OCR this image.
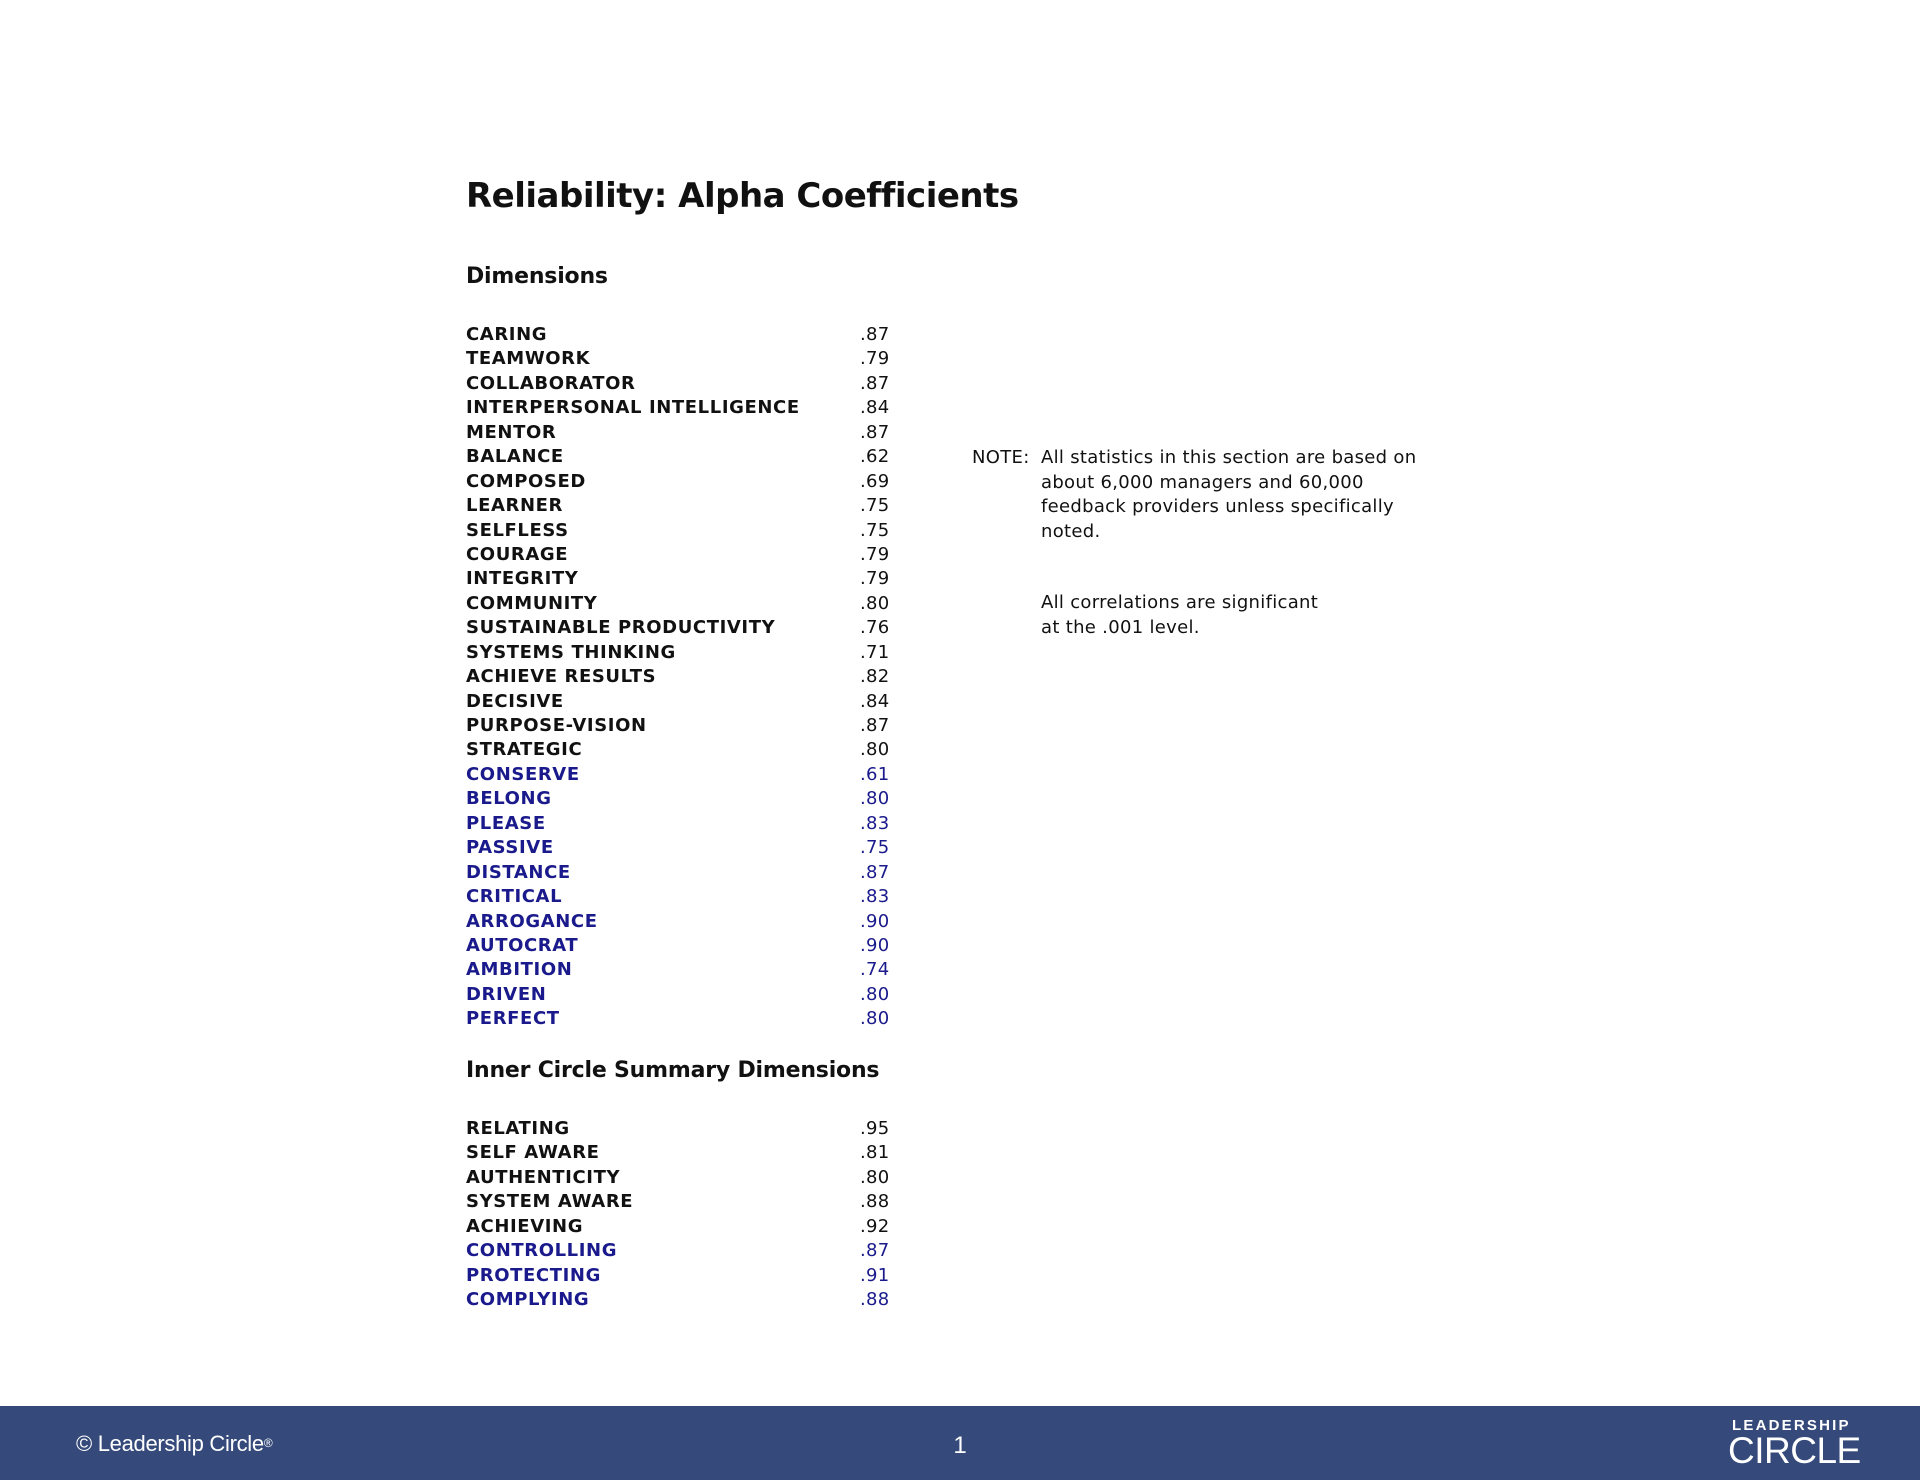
Reliability: Alpha Coefficients
Dimensions
CARING	.87
TEAMWORK	.79
COLLABORATOR	.87
INTERPERSONAL INTELLIGENCE	.84
MENTOR	.87
BALANCE	.62
COMPOSED	.69
LEARNER	.75
SELFLESS	.75
COURAGE	.79
INTEGRITY	.79
COMMUNITY	.80
SUSTAINABLE PRODUCTIVITY	.76
SYSTEMS THINKING	.71
ACHIEVE RESULTS	.82
DECISIVE	.84
PURPOSE-VISION	.87
STRATEGIC	.80
CONSERVE	.61
BELONG	.80
PLEASE	.83
PASSIVE	.75
DISTANCE	.87
CRITICAL	.83
ARROGANCE	.90
AUTOCRAT	.90
AMBITION	.74
DRIVEN	.80
PERFECT	.80
Inner Circle Summary Dimensions
RELATING	.95
SELF AWARE	.81
AUTHENTICITY	.80
SYSTEM AWARE	.88
ACHIEVING	.92
CONTROLLING	.87
PROTECTING	.91
COMPLYING	.88
NOTE: All statistics in this section are based on
about 6,000 managers and 60,000
feedback providers unless specifically
noted.
All correlations are significant
at the .001 level.
© Leadership Circle®	1
LEADERSHIP
CIRCLE
